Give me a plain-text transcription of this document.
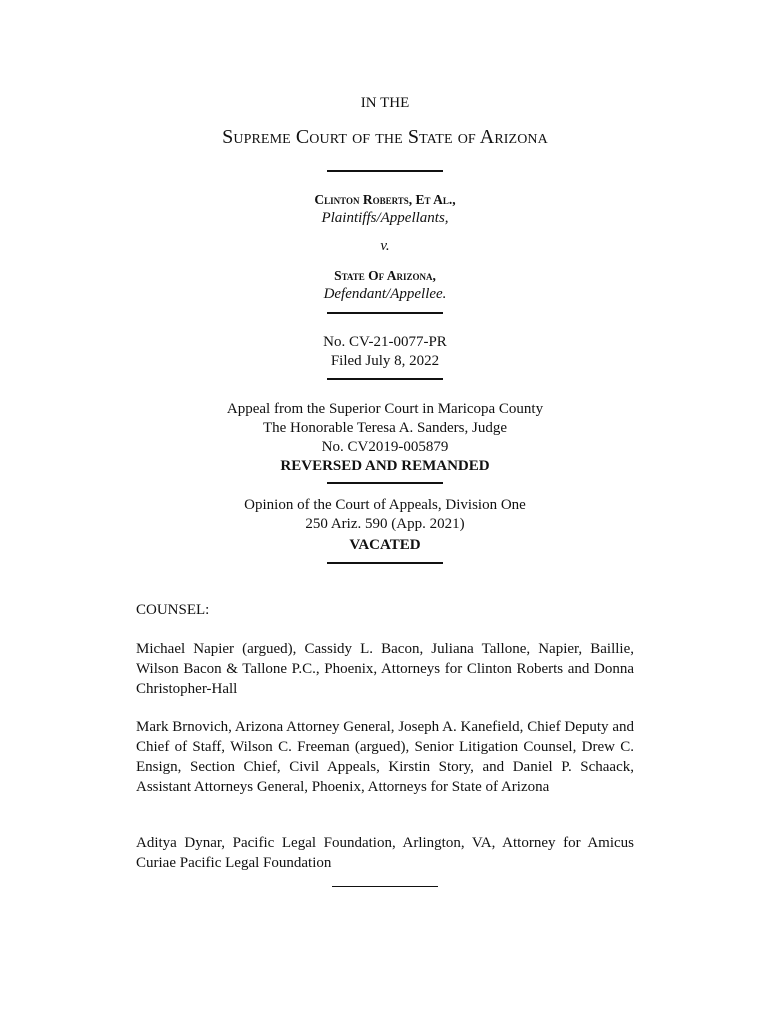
IN THE
Supreme Court of the State of Arizona
Clinton Roberts, Et Al.,
Plaintiffs/Appellants,
v.
State Of Arizona,
Defendant/Appellee.
No. CV-21-0077-PR
Filed July 8, 2022
Appeal from the Superior Court in Maricopa County
The Honorable Teresa A. Sanders, Judge
No. CV2019-005879
REVERSED AND REMANDED
Opinion of the Court of Appeals, Division One
250 Ariz. 590 (App. 2021)
VACATED
COUNSEL:
Michael Napier (argued), Cassidy L. Bacon, Juliana Tallone, Napier, Baillie, Wilson Bacon & Tallone P.C., Phoenix, Attorneys for Clinton Roberts and Donna Christopher-Hall
Mark Brnovich, Arizona Attorney General, Joseph A. Kanefield, Chief Deputy and Chief of Staff, Wilson C. Freeman (argued), Senior Litigation Counsel, Drew C. Ensign, Section Chief, Civil Appeals, Kirstin Story, and Daniel P. Schaack, Assistant Attorneys General, Phoenix, Attorneys for State of Arizona
Aditya Dynar, Pacific Legal Foundation, Arlington, VA, Attorney for Amicus Curiae Pacific Legal Foundation
